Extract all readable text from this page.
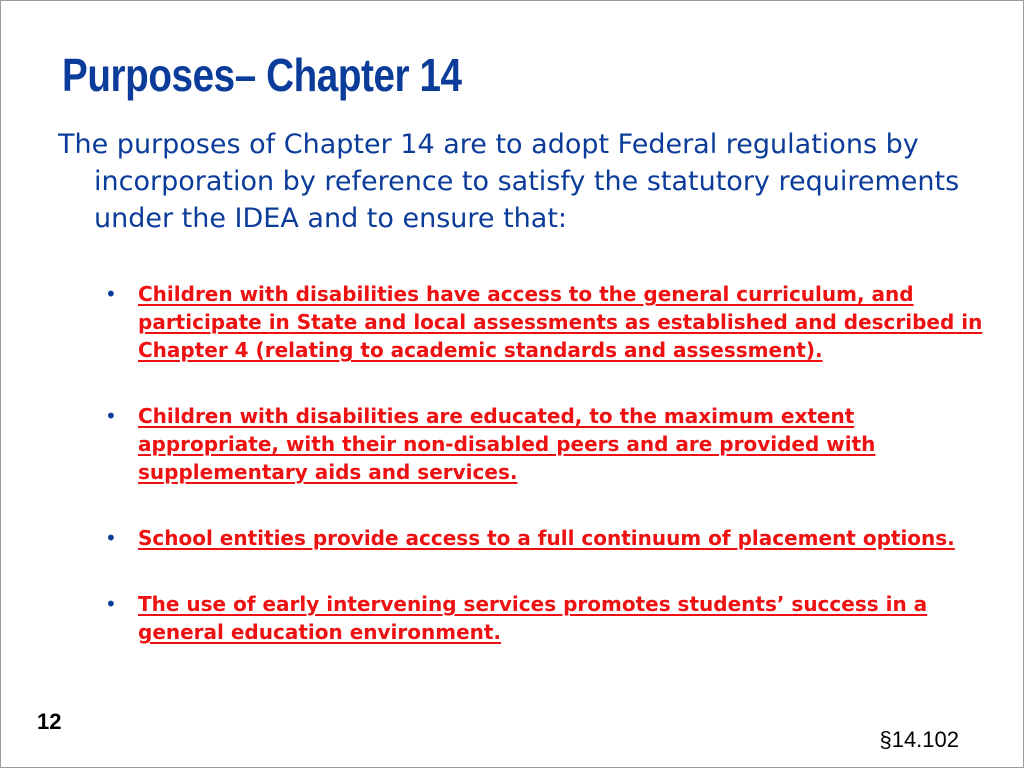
Purposes– Chapter 14

The purposes of Chapter 14 are to adopt Federal regulations by incorporation by reference to satisfy the statutory requirements under the IDEA and to ensure that:

• Children with disabilities have access to the general curriculum, and participate in State and local assessments as established and described in Chapter 4 (relating to academic standards and assessment).
• Children with disabilities are educated, to the maximum extent appropriate, with their non-disabled peers and are provided with supplementary aids and services.
• School entities provide access to a full continuum of placement options.
• The use of early intervening services promotes students’ success in a general education environment.
12
§14.102
